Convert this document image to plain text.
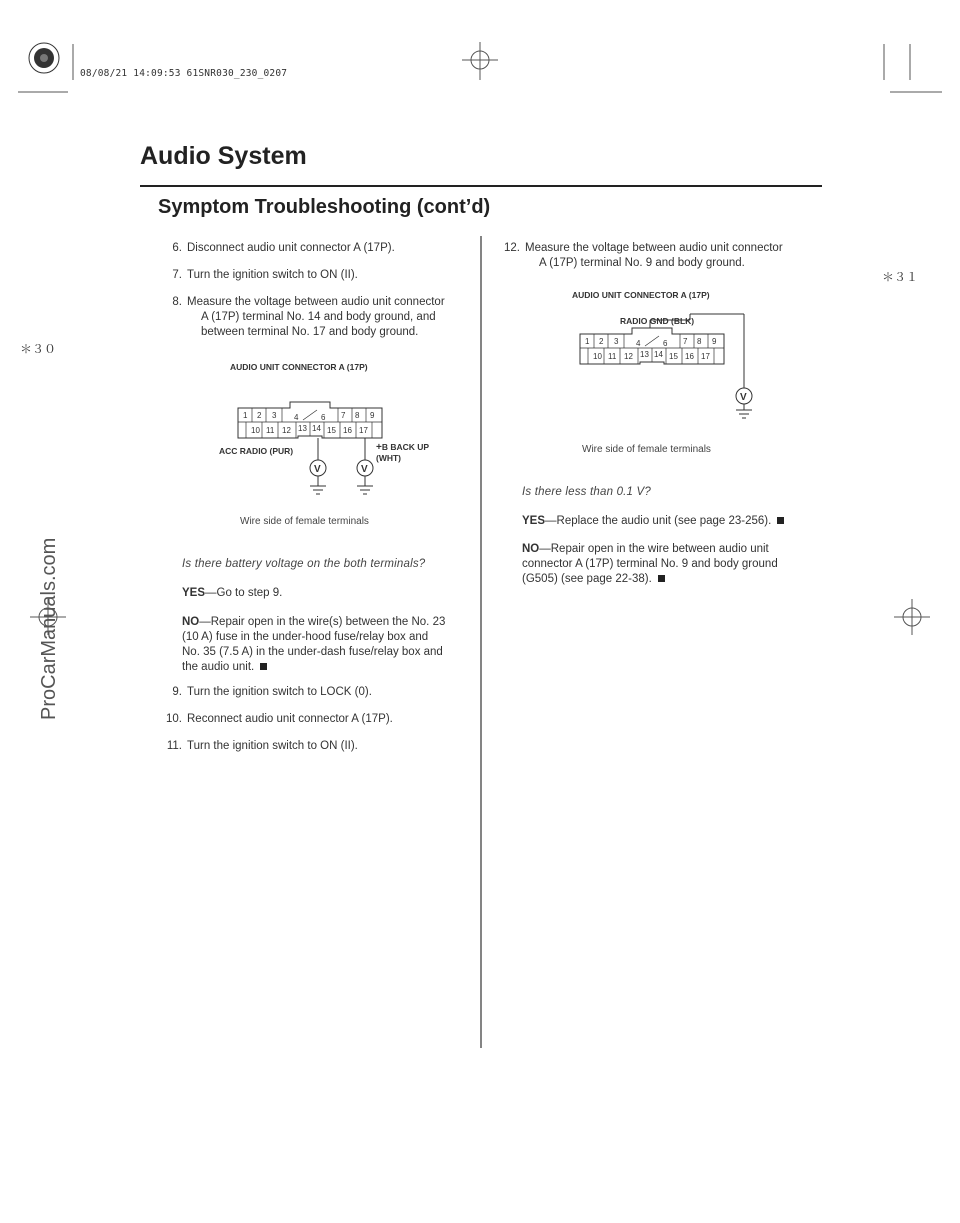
08/08/21 14:09:53 61SNR030_230_0207
Audio System
Symptom Troubleshooting (cont’d)
＊３０
＊３１
ProCarManuals.com
6. Disconnect audio unit connector A (17P).
7. Turn the ignition switch to ON (II).
8. Measure the voltage between audio unit connector
A (17P) terminal No. 14 and body ground, and
between terminal No. 17 and body ground.
AUDIO UNIT CONNECTOR A (17P)
1 2 3 4	6 7 8 9
10 11 12 13 14 15 16 17
V	V
ACC RADIO (PUR)	+B BACK UP
(WHT)
Wire side of female terminals
Is there battery voltage on the both terminals?
YES—Go to step 9.
NO—Repair open in the wire(s) between the No. 23
(10 A) fuse in the under-hood fuse/relay box and
No. 35 (7.5 A) in the under-dash fuse/relay box and
the audio unit.
9. Turn the ignition switch to LOCK (0).
10. Reconnect audio unit connector A (17P).
11. Turn the ignition switch to ON (II).
12. Measure the voltage between audio unit connector
A (17P) terminal No. 9 and body ground.
AUDIO UNIT CONNECTOR A (17P)
RADIO GND (BLK)
1 2 3 4	6 7 8 9
10 11 12 13 14 15 16 17
V
Wire side of female terminals
Is there less than 0.1 V?
YES—Replace the audio unit (see page 23-256).
NO—Repair open in the wire between audio unit
connector A (17P) terminal No. 9 and body ground
(G505) (see page 22-38).
